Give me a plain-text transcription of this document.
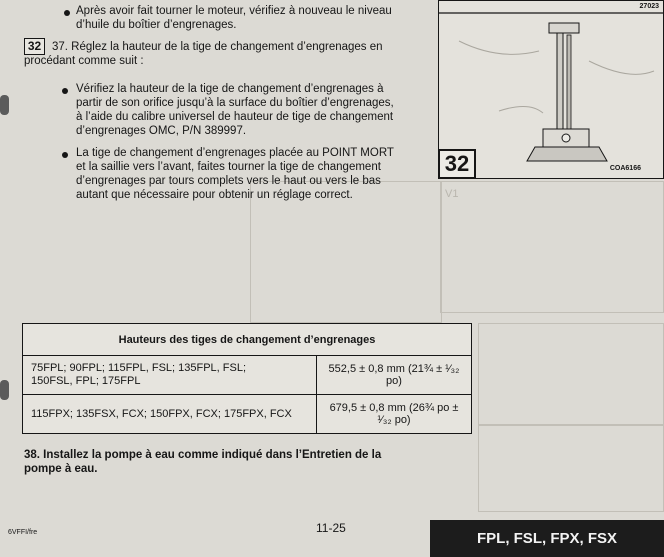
V1
Après avoir fait tourner le moteur, vérifiez à nouveau le niveau
d’huile du boîtier d’engrenages.
32 37. Réglez la hauteur de la tige de changement d’engrenages en
procédant comme suit :
Vérifiez la hauteur de la tige de changement d’engrenages à
partir de son orifice jusqu’à la surface du boîtier d’engrenages,
à l’aide du calibre universel de hauteur de tige de changement
d’engrenages OMC, P/N 389997.
La tige de changement d’engrenages placée au POINT MORT
et la saillie vers l’avant, faites tourner la tige de changement
d’engrenages par tours complets vers le haut ou vers le bas
autant que nécessaire pour obtenir un réglage correct.
27023
COA6166
32
Hauteurs des tiges de changement d’engrenages	

75FPL; 90FPL; 115FPL, FSL; 135FPL, FSL;
150FSL, FPL; 175FPL	552,5 ± 0,8 mm (21¾ ± ¹⁄₃₂ po)

115FPX; 135FSX, FCX; 150FPX, FCX; 175FPX, FCX	679,5 ± 0,8 mm (26¾ po ± ¹⁄₃₂ po)
38. Installez la pompe à eau comme indiqué dans l’Entretien de la
pompe à eau.
6VFFI/fre	11-25
FPL, FSL, FPX, FSX
